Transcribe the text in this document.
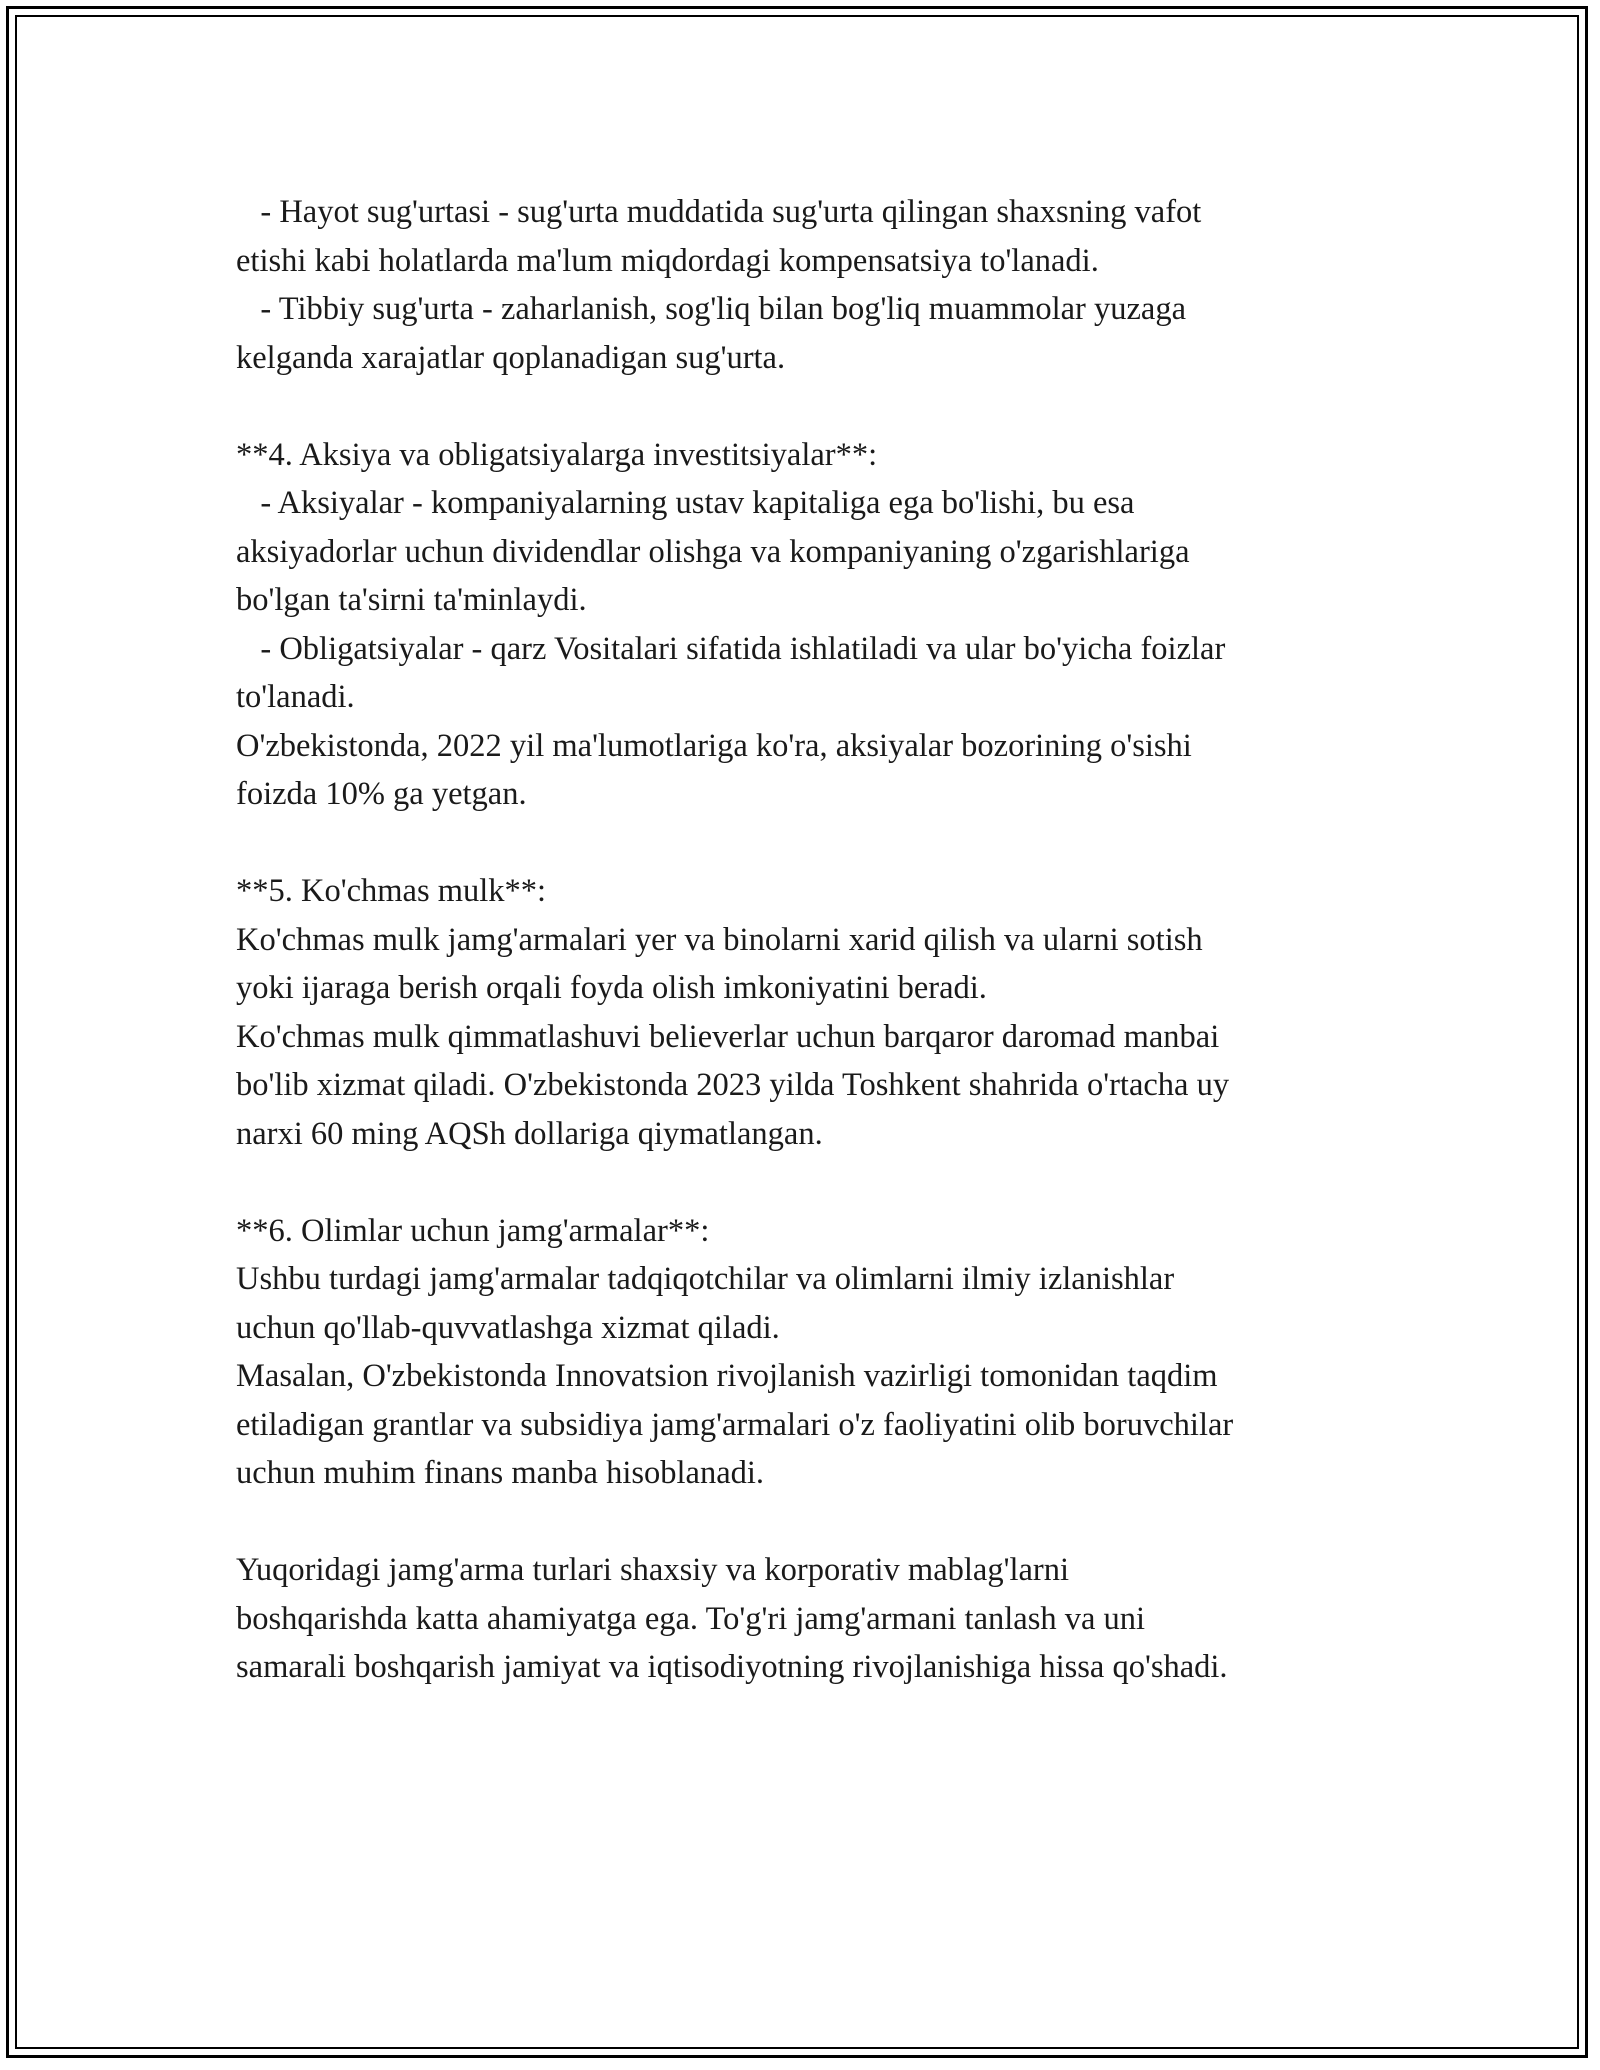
- Hayot sug'urtasi - sug'urta muddatida sug'urta qilingan shaxsning vafot
etishi kabi holatlarda ma'lum miqdordagi kompensatsiya to'lanadi.
- Tibbiy sug'urta - zaharlanish, sog'liq bilan bog'liq muammolar yuzaga
kelganda xarajatlar qoplanadigan sug'urta.
**4. Aksiya va obligatsiyalarga investitsiyalar**:
- Aksiyalar - kompaniyalarning ustav kapitaliga ega bo'lishi, bu esa
aksiyadorlar uchun dividendlar olishga va kompaniyaning o'zgarishlariga
bo'lgan ta'sirni ta'minlaydi.
- Obligatsiyalar - qarz Vositalari sifatida ishlatiladi va ular bo'yicha foizlar
to'lanadi.
O'zbekistonda, 2022 yil ma'lumotlariga ko'ra, aksiyalar bozorining o'sishi
foizda 10% ga yetgan.
**5. Ko'chmas mulk**:
Ko'chmas mulk jamg'armalari yer va binolarni xarid qilish va ularni sotish
yoki ijaraga berish orqali foyda olish imkoniyatini beradi.
Ko'chmas mulk qimmatlashuvi believerlar uchun barqaror daromad manbai
bo'lib xizmat qiladi. O'zbekistonda 2023 yilda Toshkent shahrida o'rtacha uy
narxi 60 ming AQSh dollariga qiymatlangan.
**6. Olimlar uchun jamg'armalar**:
Ushbu turdagi jamg'armalar tadqiqotchilar va olimlarni ilmiy izlanishlar
uchun qo'llab-quvvatlashga xizmat qiladi.
Masalan, O'zbekistonda Innovatsion rivojlanish vazirligi tomonidan taqdim
etiladigan grantlar va subsidiya jamg'armalari o'z faoliyatini olib boruvchilar
uchun muhim finans manba hisoblanadi.
Yuqoridagi jamg'arma turlari shaxsiy va korporativ mablag'larni
boshqarishda katta ahamiyatga ega. To'g'ri jamg'armani tanlash va uni
samarali boshqarish jamiyat va iqtisodiyotning rivojlanishiga hissa qo'shadi.
